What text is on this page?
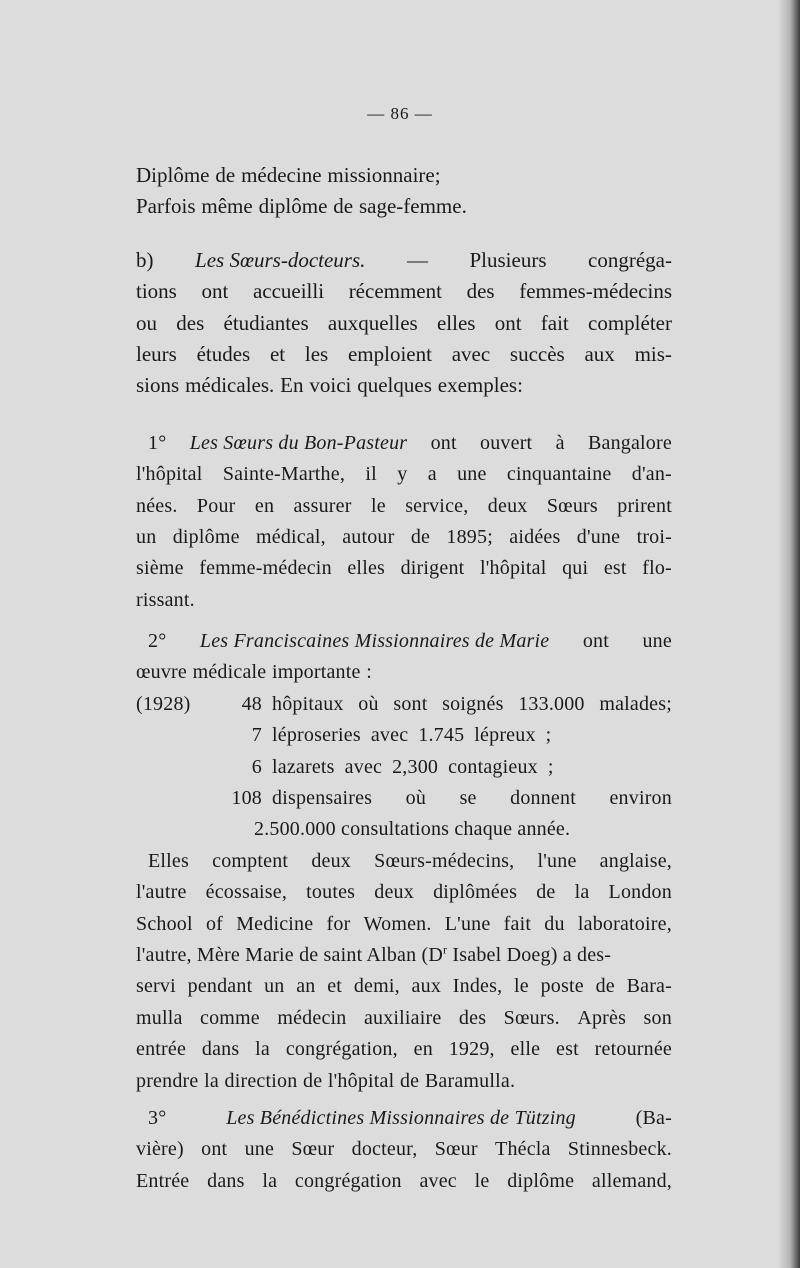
— 86 —
Diplôme de médecine missionnaire;
Parfois même diplôme de sage-femme.
b) Les Sœurs-docteurs. — Plusieurs congréga-
tions ont accueilli récemment des femmes-médecins
ou des étudiantes auxquelles elles ont fait compléter
leurs études et les emploient avec succès aux mis-
sions médicales. En voici quelques exemples:
1° Les Sœurs du Bon-Pasteur ont ouvert à Bangalore
l'hôpital Sainte-Marthe, il y a une cinquantaine d'an-
nées. Pour en assurer le service, deux Sœurs prirent
un diplôme médical, autour de 1895; aidées d'une troi-
sième femme-médecin elles dirigent l'hôpital qui est flo-
rissant.
2° Les Franciscaines Missionnaires de Marie ont une
œuvre médicale importante :
(1928)	48 hôpitaux où sont soignés 133.000 malades;
7 léproseries avec 1.745 lépreux ;
6 lazarets avec 2,300 contagieux ;
108 dispensaires où se donnent environ
2.500.000 consultations chaque année.
Elles comptent deux Sœurs-médecins, l'une anglaise,
l'autre écossaise, toutes deux diplômées de la London
School of Medicine for Women. L'une fait du laboratoire,
l'autre, Mère Marie de saint Alban ($D^r$ Isabel Doeg) a des-
servi pendant un an et demi, aux Indes, le poste de Bara-
mulla comme médecin auxiliaire des Sœurs. Après son
entrée dans la congrégation, en 1929, elle est retournée
prendre la direction de l'hôpital de Baramulla.
3°	Les Bénédictines Missionnaires de Tützing	(Ba-
vière) ont une Sœur docteur, Sœur Thécla Stinnesbeck.
Entrée dans la congrégation avec le diplôme allemand,
